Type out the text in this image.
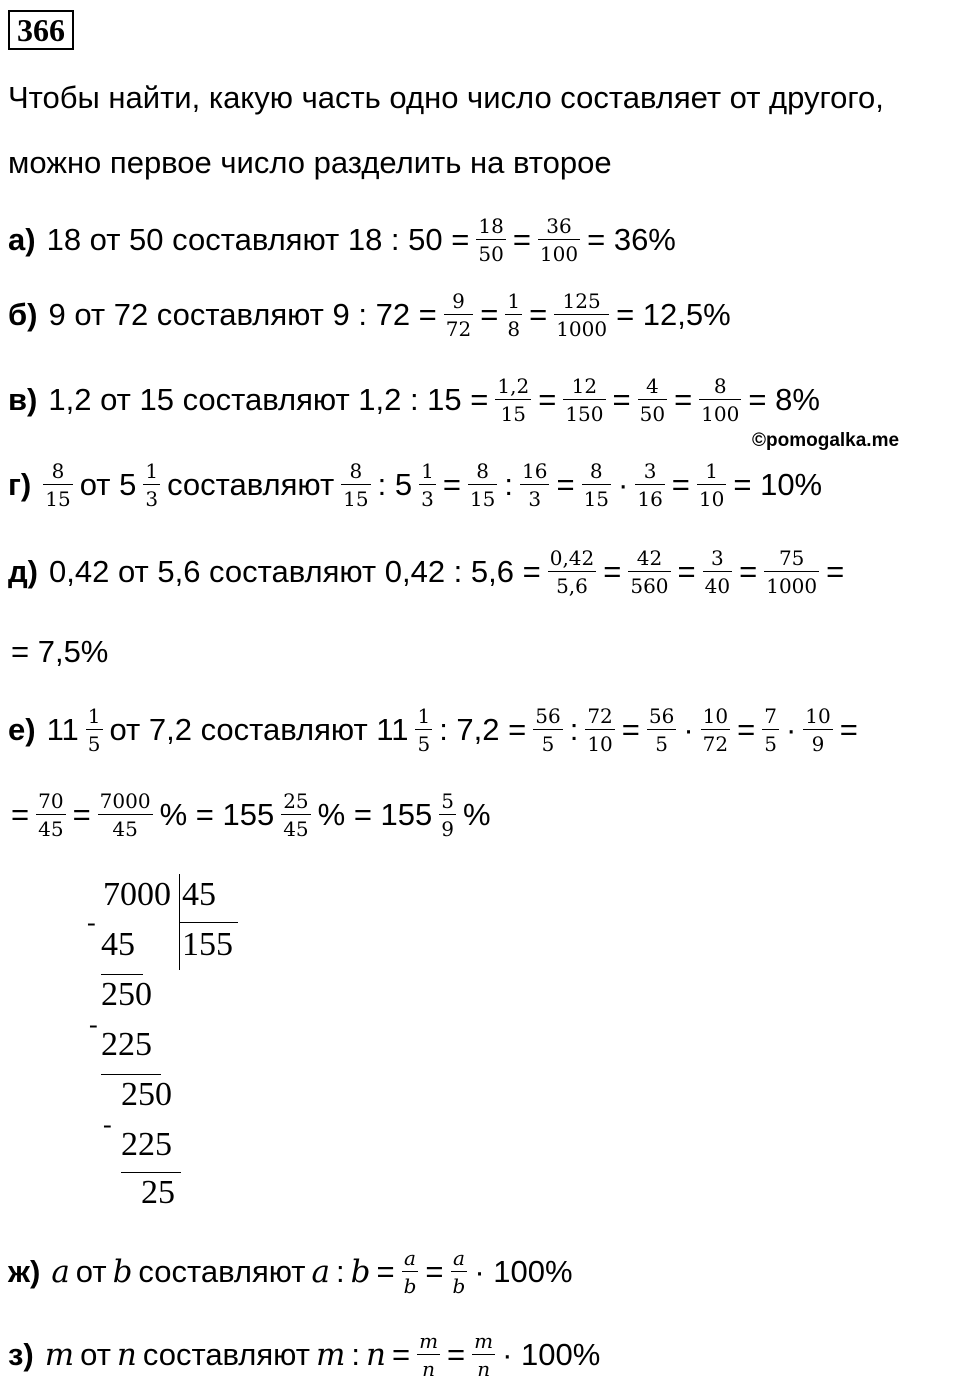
366
Чтобы найти, какую часть одно число составляет от другого,
можно первое число разделить на второе
а) 18 от 50 составляют 18 : $50 = \frac{18}{50} = \frac{36}{100} = 36\%$
б) 9 от 72 составляют 9 : $72 = \frac{9}{72} = \frac{1}{8} = \frac{125}{1000} = 12,5\%$
в) 1,2 от 15 составляют 1,2 : $15 = \frac{1,2}{15} = \frac{12}{150} = \frac{4}{50} = \frac{8}{100} = 8\%$
$г) \frac{8}{15}$ от $5 \frac{1}{3}$ составляют $\frac{8}{15}$ : $5 \frac{1}{3} = \frac{8}{15}$ : $\frac{16}{3} = \frac{8}{15} \cdot \frac{3}{16} = \frac{1}{10} = 10\%$
д) 0,42 от 5,6 составляют 0,42 : $5,6 = \frac{0,42}{5,6} = \frac{42}{560} = \frac{3}{40} = \frac{75}{1000}$ =
= 7,5%
е) $11 \frac{1}{5}$ от 7,2 составляют $11 \frac{1}{5}$ : $7,2 = \frac{56}{5}$ : $\frac{72}{10} = \frac{56}{5} \cdot \frac{10}{72} = \frac{7}{5} \cdot \frac{10}{9}$ =
= $\frac{70}{45} = \frac{7000}{45}$ % = $155 \frac{25}{45}$ % = $155 \frac{5}{9}$ %
ж) a от b составляют a : $b = \frac{a}{b} = \frac{a}{b} \cdot 100\%$
з) m от n составляют m : $n = \frac{m}{n} = \frac{m}{n} \cdot 100\%$
©pomogalka.me
7000 45
155
-
45
250
-
225
250
-
225
25
